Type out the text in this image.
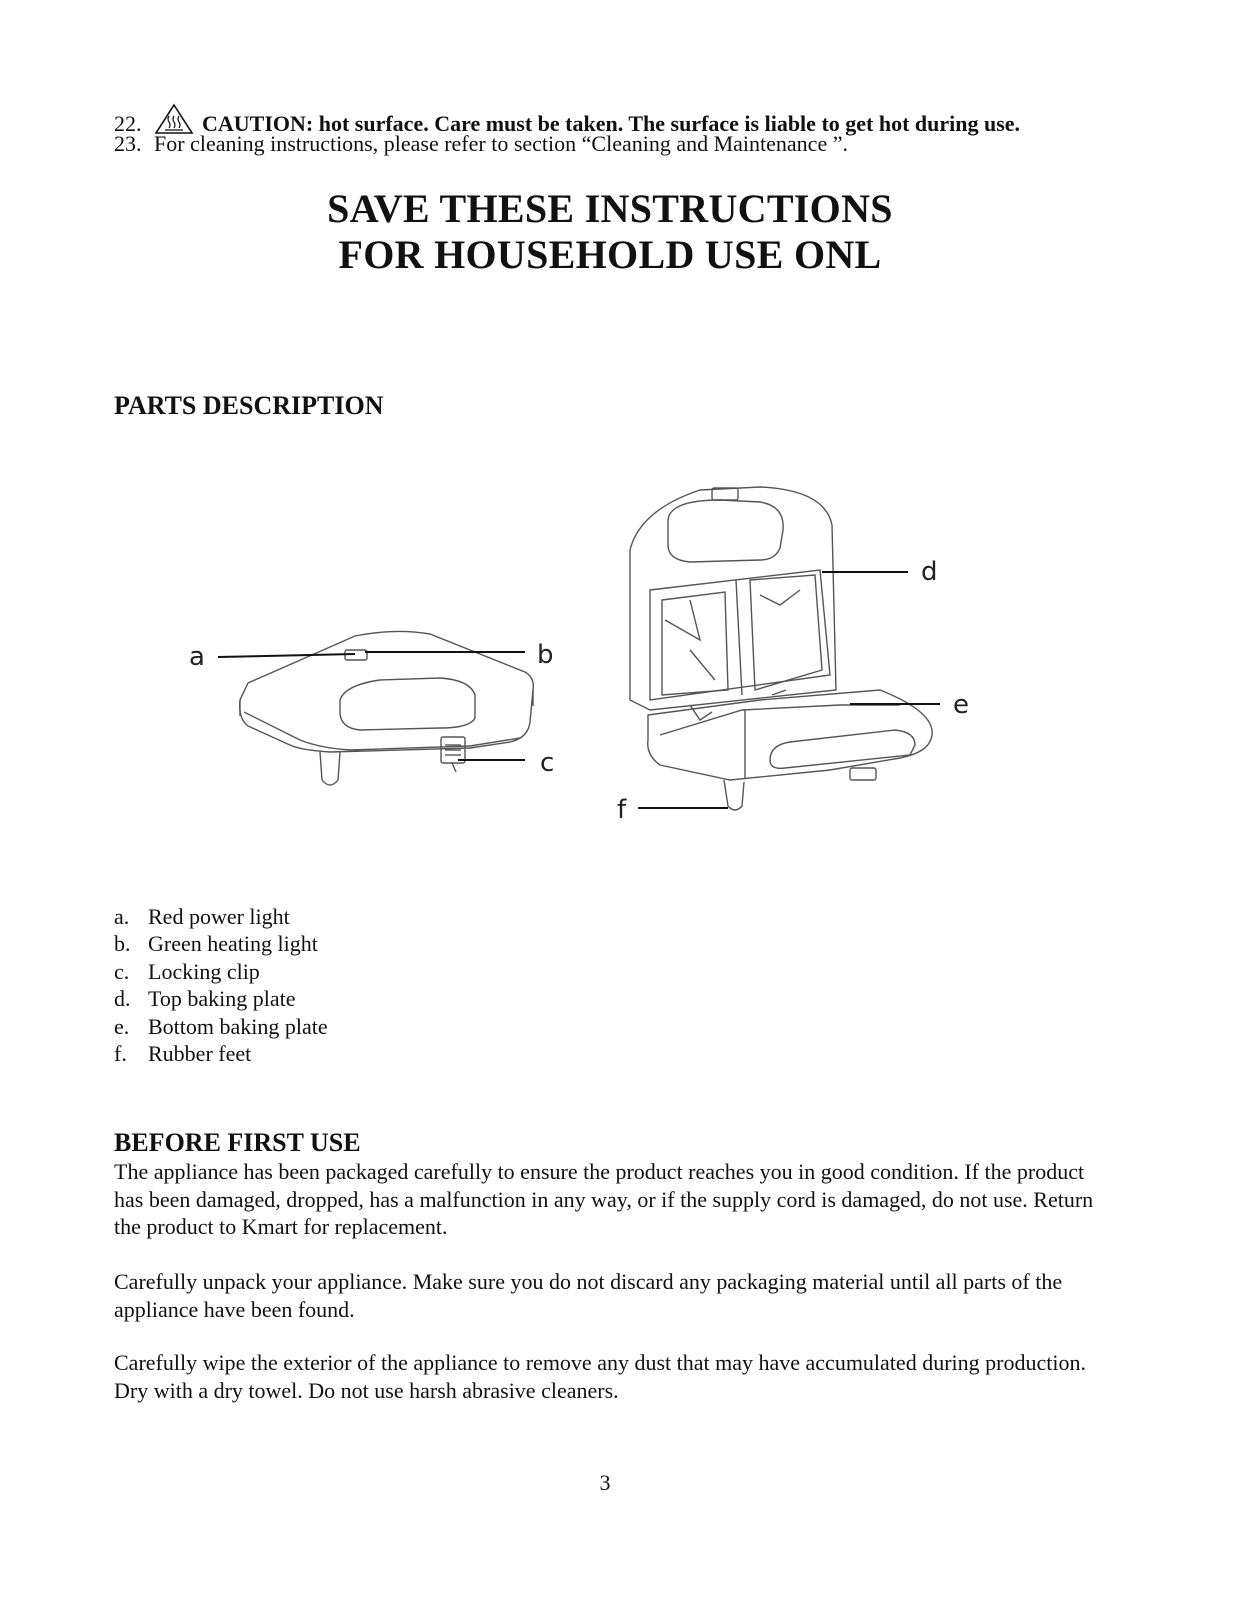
22.	CAUTION: hot surface. Care must be taken. The surface is liable to get hot during use.
23. For cleaning instructions, please refer to section “Cleaning and Maintenance ”.
SAVE THESE INSTRUCTIONS
FOR HOUSEHOLD USE ONL
PARTS DESCRIPTION
a	b
c
d
e
f
a. Red power light
b. Green heating light
c. Locking clip
d. Top baking plate
e. Bottom baking plate
f. Rubber feet
BEFORE FIRST USE
The appliance has been packaged carefully to ensure the product reaches you in good condition. If the product has been damaged, dropped, has a malfunction in any way, or if the supply cord is damaged, do not use. Return the product to Kmart for replacement.
Carefully unpack your appliance. Make sure you do not discard any packaging material until all parts of the appliance have been found.
Carefully wipe the exterior of the appliance to remove any dust that may have accumulated during production. Dry with a dry towel. Do not use harsh abrasive cleaners.
3
